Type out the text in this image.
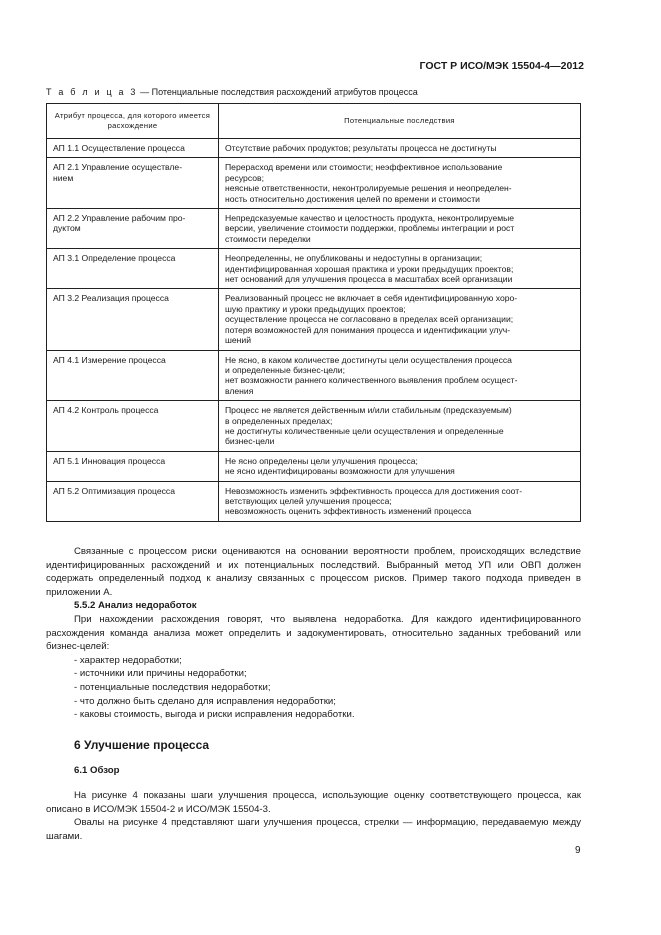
ГОСТ Р ИСО/МЭК 15504-4—2012
Т а б л и ц а 3 — Потенциальные последствия расхождений атрибутов процесса
Атрибут процесса, для которого имеется расхождение	Потенциальные последствия

АП 1.1 Осуществление процесса	Отсутствие рабочих продуктов; результаты процесса не достигнуты

АП 2.1 Управление осуществле-
нием	Перерасход времени или стоимости; неэффективное использование
ресурсов;
неясные ответственности, неконтролируемые решения и неопределен-
ность относительно достижения целей по времени и стоимости

АП 2.2 Управление рабочим про-
дуктом	Непредсказуемые качество и целостность продукта, неконтролируемые
версии, увеличение стоимости поддержки, проблемы интеграции и рост
стоимости переделки

АП 3.1 Определение процесса	Неопределенны, не опубликованы и недоступны в организации;
идентифицированная хорошая практика и уроки предыдущих проектов;
нет оснований для улучшения процесса в масштабах всей организации

АП 3.2 Реализация процесса	Реализованный процесс не включает в себя идентифицированную хоро-
шую практику и уроки предыдущих проектов;
осуществление процесса не согласовано в пределах всей организации;
потеря возможностей для понимания процесса и идентификации улуч-
шений

АП 4.1 Измерение процесса	Не ясно, в каком количестве достигнуты цели осуществления процесса
и определенные бизнес-цели;
нет возможности раннего количественного выявления проблем осущест-
вления

АП 4.2 Контроль процесса	Процесс не является действенным и/или стабильным (предсказуемым)
в определенных пределах;
не достигнуты количественные цели осуществления и определенные
бизнес-цели

АП 5.1 Инновация процесса	Не ясно определены цели улучшения процесса;
не ясно идентифицированы возможности для улучшения

АП 5.2 Оптимизация процесса	Невозможность изменить эффективность процесса для достижения соот-
ветствующих целей улучшения процесса;
невозможность оценить эффективность изменений процесса

Связанные с процессом риски оцениваются на основании вероятности проблем, происходящих вследствие идентифицированных расхождений и их потенциальных последствий. Выбранный метод УП или ОВП должен содержать определенный подход к анализу связанных с процессом рисков. Пример такого подхода приведен в приложении А.

5.5.2 Анализ недоработок

При нахождении расхождения говорят, что выявлена недоработка. Для каждого идентифицированного расхождения команда анализа может определить и задокументировать, относительно заданных требований или бизнес-целей:

- характер недоработки;

- источники или причины недоработки;

- потенциальные последствия недоработки;

- что должно быть сделано для исправления недоработки;

- каковы стоимость, выгода и риски исправления недоработки.

6 Улучшение процесса

6.1 Обзор

На рисунке 4 показаны шаги улучшения процесса, использующие оценку соответствующего процесса, как описано в ИСО/МЭК 15504-2 и ИСО/МЭК 15504-3.

Овалы на рисунке 4 представляют шаги улучшения процесса, стрелки — информацию, передаваемую между шагами.

9
